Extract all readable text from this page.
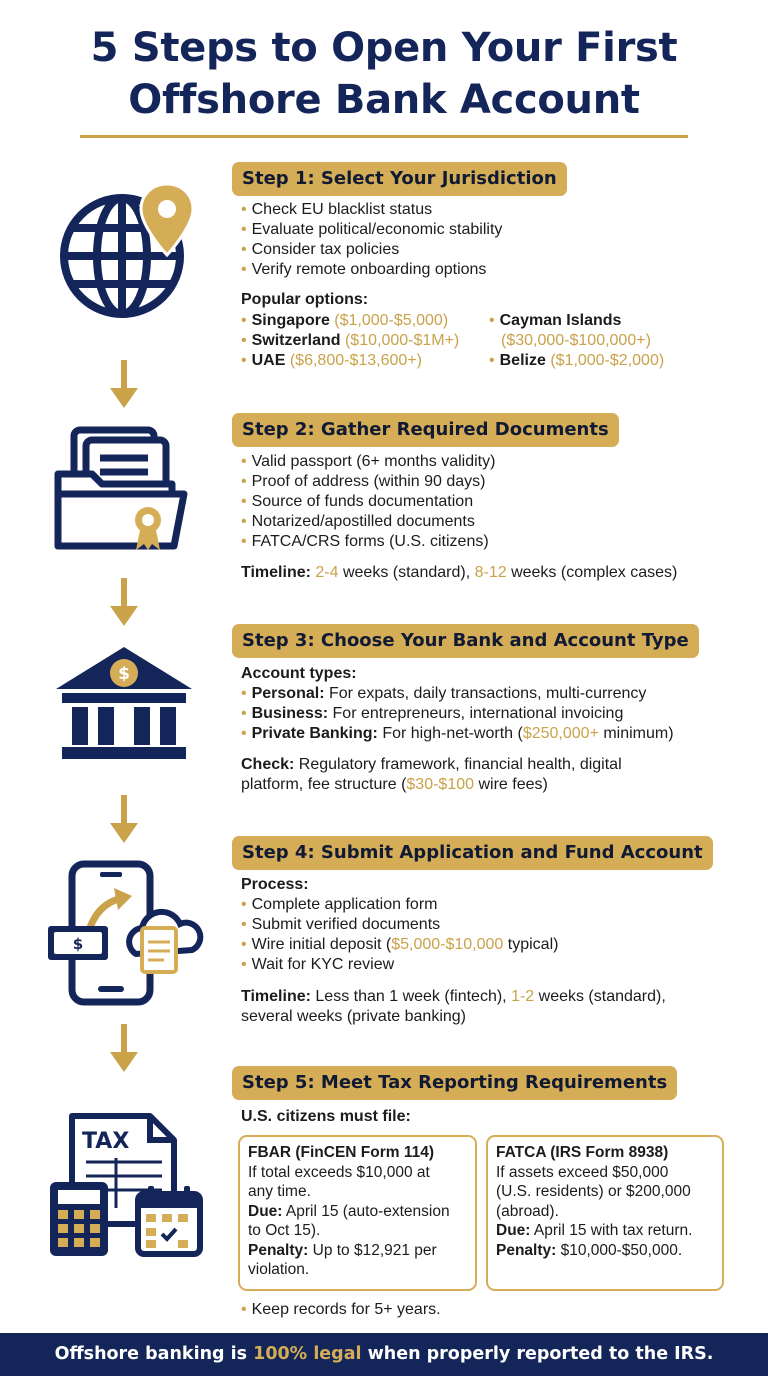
5 Steps to Open Your First
Offshore Bank Account
Step 1: Select Your Jurisdiction
• Check EU blacklist status
• Evaluate political/economic stability
• Consider tax policies
• Verify remote onboarding options
Popular options:
• Singapore ($1,000-$5,000)
• Switzerland ($10,000-$1M+)
• UAE ($6,800-$13,600+)
• Cayman Islands
($30,000-$100,000+)
• Belize ($1,000-$2,000)
Step 2: Gather Required Documents
• Valid passport (6+ months validity)
• Proof of address (within 90 days)
• Source of funds documentation
• Notarized/apostilled documents
• FATCA/CRS forms (U.S. citizens)
Timeline: 2-4 weeks (standard), 8-12 weeks (complex cases)
$
Step 3: Choose Your Bank and Account Type
Account types:
• Personal: For expats, daily transactions, multi-currency
• Business: For entrepreneurs, international invoicing
• Private Banking: For high-net-worth ($250,000+ minimum)
Check: Regulatory framework, financial health, digital
platform, fee structure ($30-$100 wire fees)
$
Step 4: Submit Application and Fund Account
Process:
• Complete application form
• Submit verified documents
• Wire initial deposit ($5,000-$10,000 typical)
• Wait for KYC review
Timeline: Less than 1 week (fintech), 1-2 weeks (standard),
several weeks (private banking)
TAX
Step 5: Meet Tax Reporting Requirements
U.S. citizens must file:
FBAR (FinCEN Form 114)
If total exceeds $10,000 at
any time.
Due: April 15 (auto-extension
to Oct 15).
Penalty: Up to $12,921 per
violation.
FATCA (IRS Form 8938)
If assets exceed $50,000
(U.S. residents) or $200,000
(abroad).
Due: April 15 with tax return.
Penalty: $10,000-$50,000.
• Keep records for 5+ years.
Offshore banking is 100% legal when properly reported to the IRS.
